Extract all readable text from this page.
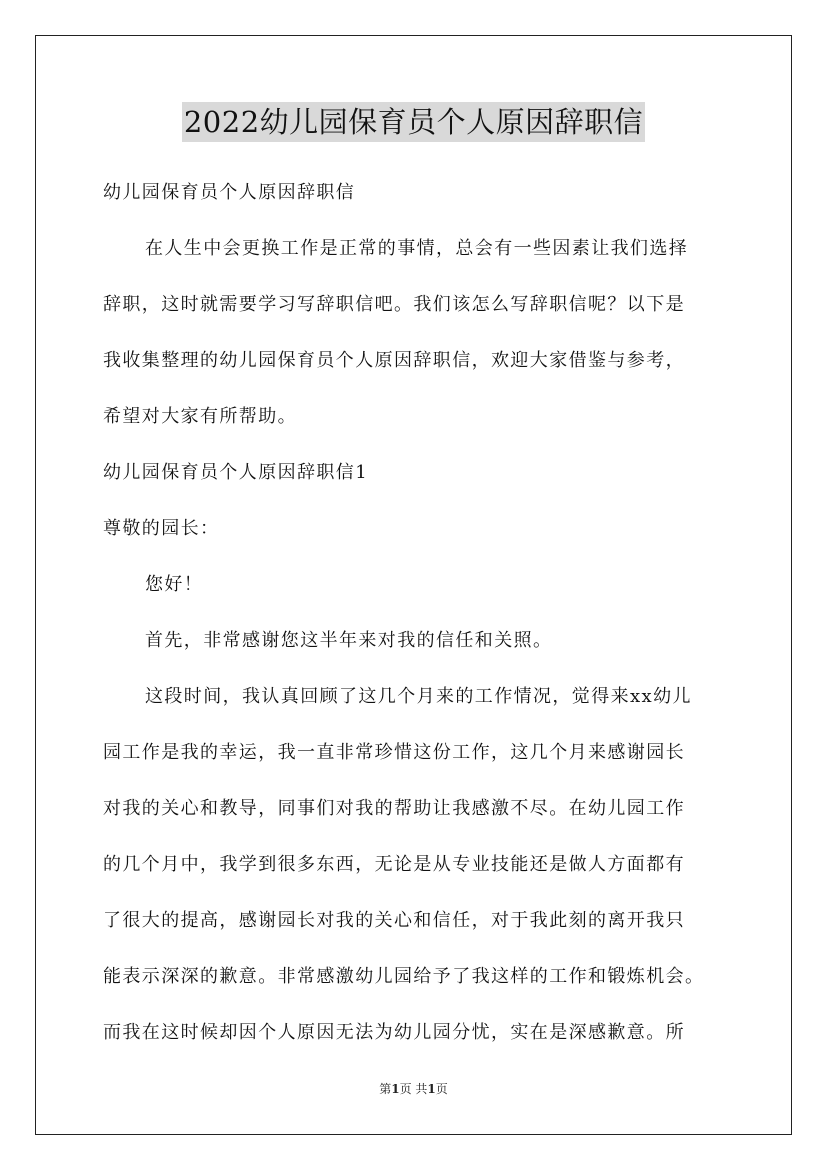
2022幼儿园保育员个人原因辞职信
幼儿园保育员个人原因辞职信
在人生中会更换工作是正常的事情，总会有一些因素让我们选择
辞职，这时就需要学习写辞职信吧。我们该怎么写辞职信呢？以下是
我收集整理的幼儿园保育员个人原因辞职信，欢迎大家借鉴与参考，
希望对大家有所帮助。
幼儿园保育员个人原因辞职信1
尊敬的园长：
您好！
首先，非常感谢您这半年来对我的信任和关照。
这段时间，我认真回顾了这几个月来的工作情况，觉得来xx幼儿
园工作是我的幸运，我一直非常珍惜这份工作，这几个月来感谢园长
对我的关心和教导，同事们对我的帮助让我感激不尽。在幼儿园工作
的几个月中，我学到很多东西，无论是从专业技能还是做人方面都有
了很大的提高，感谢园长对我的关心和信任，对于我此刻的离开我只
能表示深深的歉意。非常感激幼儿园给予了我这样的工作和锻炼机会。
而我在这时候却因个人原因无法为幼儿园分忧，实在是深感歉意。所
第1页 共1页
